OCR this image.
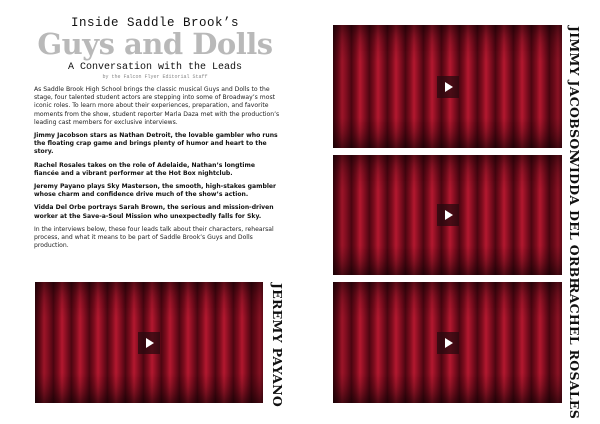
Inside Saddle Brook’s
Guys and Dolls
A Conversation with the Leads
by the Falcon Flyer Editorial Staff

As Saddle Brook High School brings the classic musical Guys and Dolls to the stage, four talented student actors are stepping into some of Broadway’s most iconic roles. To learn more about their experiences, preparation, and favorite moments from the show, student reporter Marla Daza met with the production’s leading cast members for exclusive interviews.

Jimmy Jacobson stars as Nathan Detroit, the lovable gambler who runs the floating crap game and brings plenty of humor and heart to the story.

Rachel Rosales takes on the role of Adelaide, Nathan’s longtime fiancée and a vibrant performer at the Hot Box nightclub.

Jeremy Payano plays Sky Masterson, the smooth, high-stakes gambler whose charm and confidence drive much of the show’s action.

Vidda Del Orbe portrays Sarah Brown, the serious and mission-driven worker at the Save-a-Soul Mission who unexpectedly falls for Sky.

In the interviews below, these four leads talk about their characters, rehearsal process, and what it means to be part of Saddle Brook’s Guys and Dolls production.

JEREMY PAYANO
JIMMY JACOBSON
VIDDA DEL ORBE
RACHEL ROSALES
